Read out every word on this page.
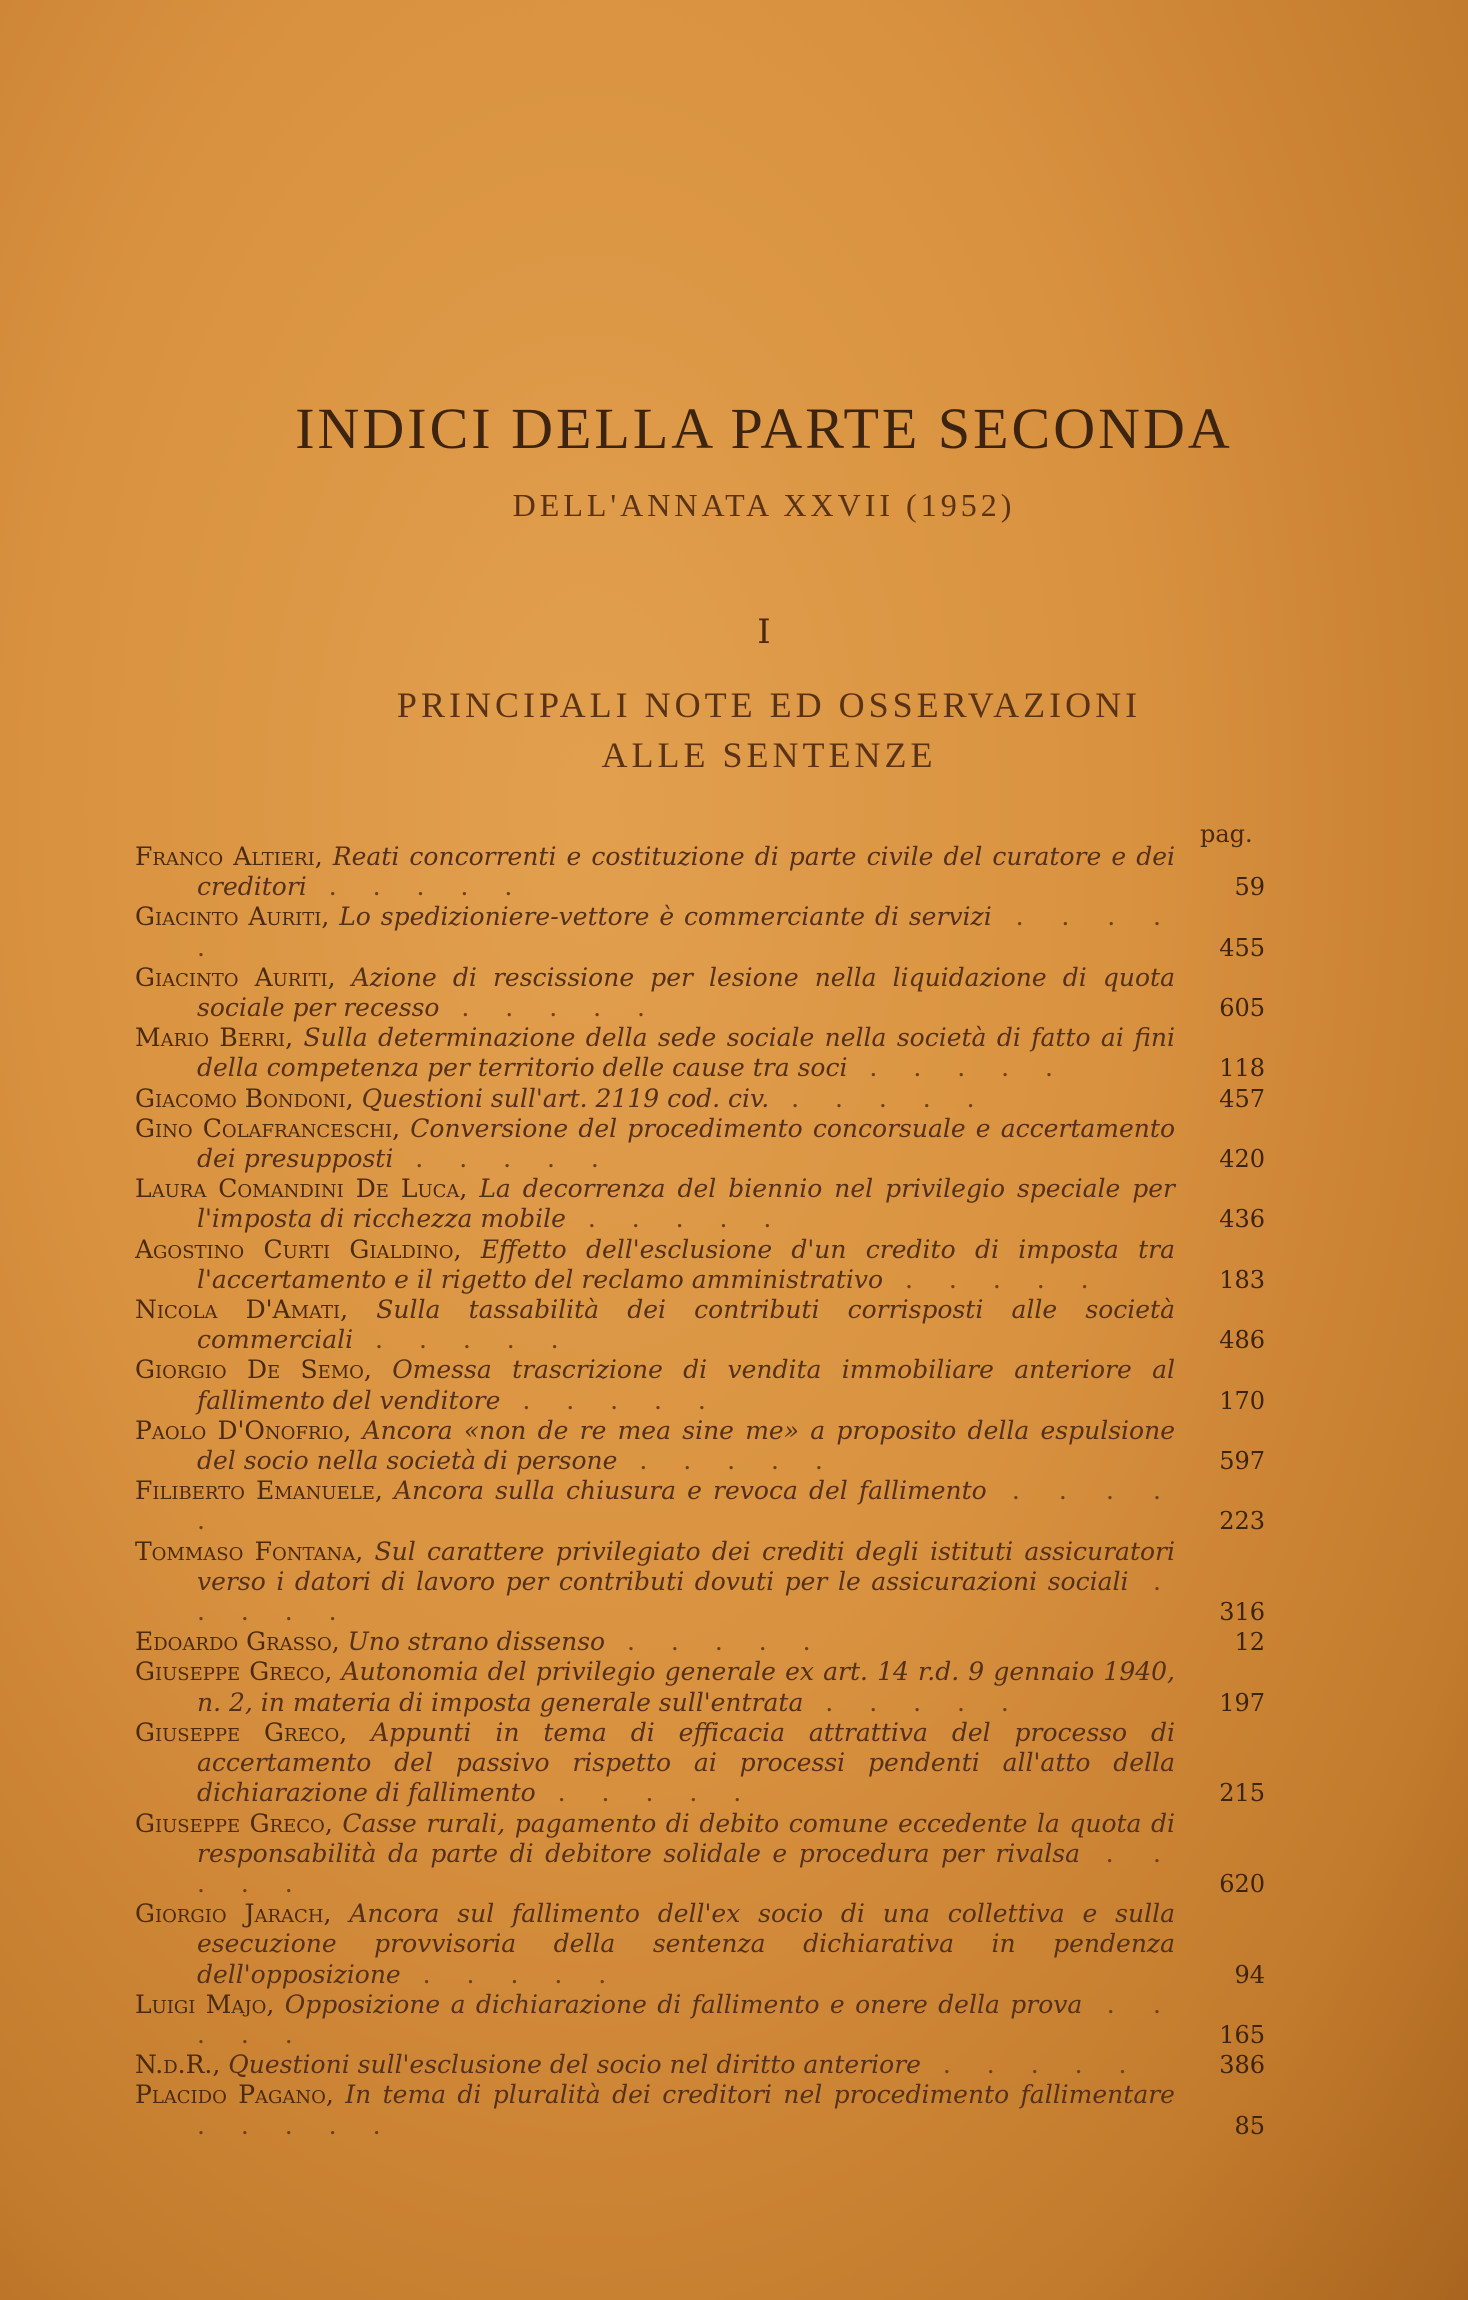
INDICI DELLA PARTE SECONDA
DELL'ANNATA XXVII (1952)
I
PRINCIPALI NOTE ED OSSERVAZIONI
ALLE SENTENZE
pag.
Franco Altieri, Reati concorrenti e costituzione di parte civile del curatore e dei creditori . . . . .	59
Giacinto Auriti, Lo spedizioniere-vettore è commerciante di servizi . . . . .	455
Giacinto Auriti, Azione di rescissione per lesione nella liquidazione di quota sociale per recesso . . . . .	605
Mario Berri, Sulla determinazione della sede sociale nella società di fatto ai fini della competenza per territorio delle cause tra soci . . . . .	118
Giacomo Bondoni, Questioni sull'art. 2119 cod. civ. . . . . .	457
Gino Colafranceschi, Conversione del procedimento concorsuale e accertamento dei presupposti . . . . .	420
Laura Comandini De Luca, La decorrenza del biennio nel privilegio speciale per l'imposta di ricchezza mobile . . . . .	436
Agostino Curti Gialdino, Effetto dell'esclusione d'un credito di imposta tra l'accertamento e il rigetto del reclamo amministrativo . . . . .	183
Nicola D'Amati, Sulla tassabilità dei contributi corrisposti alle società commerciali . . . . .	486
Giorgio De Semo, Omessa trascrizione di vendita immobiliare anteriore al fallimento del venditore . . . . .	170
Paolo D'Onofrio, Ancora «non de re mea sine me» a proposito della espulsione del socio nella società di persone . . . . .	597
Filiberto Emanuele, Ancora sulla chiusura e revoca del fallimento . . . . .	223
Tommaso Fontana, Sul carattere privilegiato dei crediti degli istituti assicuratori verso i datori di lavoro per contributi dovuti per le assicurazioni sociali . . . . .	316
Edoardo Grasso, Uno strano dissenso . . . . .	12
Giuseppe Greco, Autonomia del privilegio generale ex art. 14 r.d. 9 gennaio 1940, n. 2, in materia di imposta generale sull'entrata . . . . .	197
Giuseppe Greco, Appunti in tema di efficacia attrattiva del processo di accertamento del passivo rispetto ai processi pendenti all'atto della dichiarazione di fallimento . . . . .	215
Giuseppe Greco, Casse rurali, pagamento di debito comune eccedente la quota di responsabilità da parte di debitore solidale e procedura per rivalsa . . . . .	620
Giorgio Jarach, Ancora sul fallimento dell'ex socio di una collettiva e sulla esecuzione provvisoria della sentenza dichiarativa in pendenza dell'opposizione . . . . .	94
Luigi Majo, Opposizione a dichiarazione di fallimento e onere della prova . . . . .	165
N.d.R., Questioni sull'esclusione del socio nel diritto anteriore . . . . .	386
Placido Pagano, In tema di pluralità dei creditori nel procedimento fallimentare . . . . .	85
